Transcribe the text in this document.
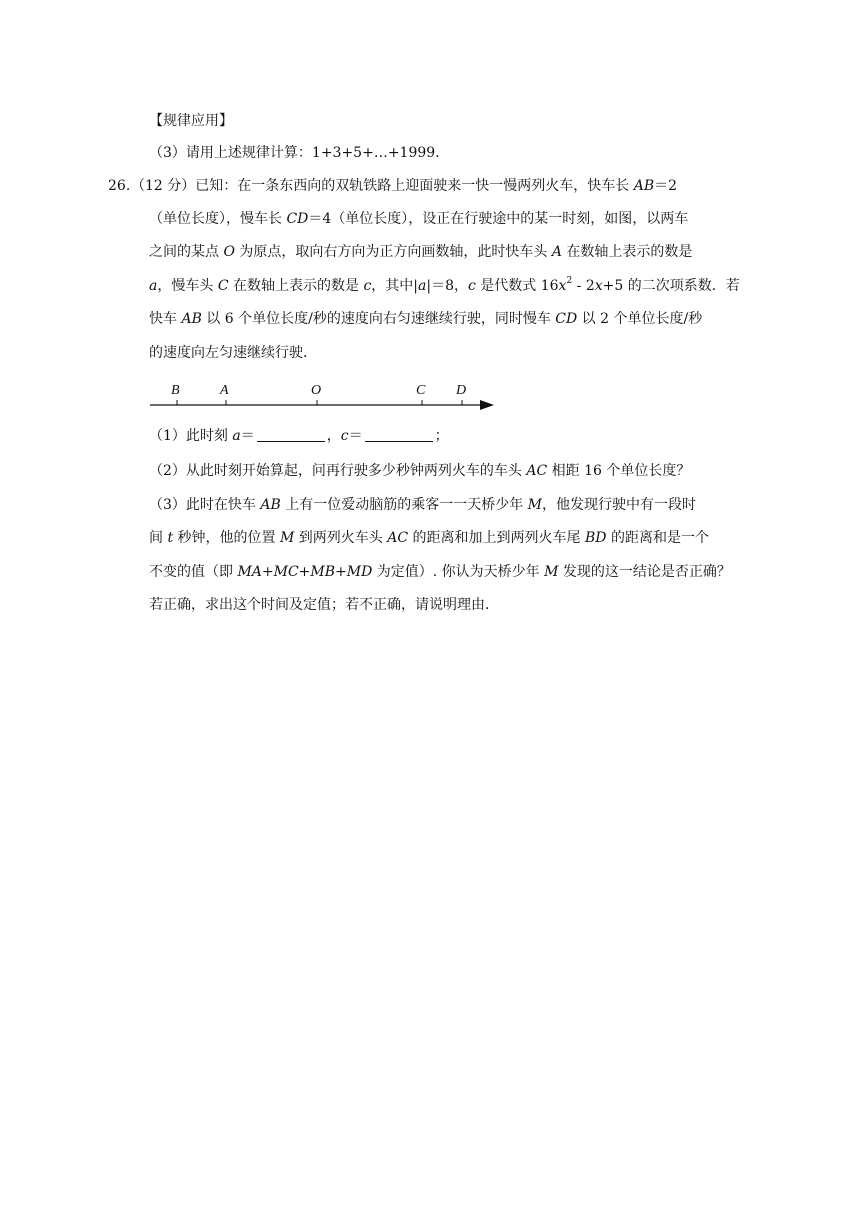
【规律应用】
（3）请用上述规律计算：1+3+5+…+1999.
26. （12 分）已知：在一条东西向的双轨铁路上迎面驶来一快一慢两列火车，快车长 AB＝2
（单位长度），慢车长 CD＝4（单位长度），设正在行驶途中的某一时刻，如图，以两车
之间的某点 O 为原点，取向右方向为正方向画数轴，此时快车头 A 在数轴上表示的数是
a，慢车头 C 在数轴上表示的数是 c，其中|a|＝8，c 是代数式 $16x^2 - 2x+5$ 的二次项系数．若
快车 AB 以 6 个单位长度/秒的速度向右匀速继续行驶，同时慢车 CD 以 2 个单位长度/秒
的速度向左匀速继续行驶．
B	A	O	C D
（1）此时刻 a＝	，c＝	；
（2）从此时刻开始算起，问再行驶多少秒钟两列火车的车头 AC 相距 16 个单位长度？
（3）此时在快车 AB 上有一位爱动脑筋的乘客一一天桥少年 M，他发现行驶中有一段时
间 t 秒钟，他的位置 M 到两列火车头 AC 的距离和加上到两列火车尾 BD 的距离和是一个
不变的值（即 MA+MC+MB+MD 为定值）. 你认为天桥少年 M 发现的这一结论是否正确？
若正确，求出这个时间及定值；若不正确，请说明理由．
